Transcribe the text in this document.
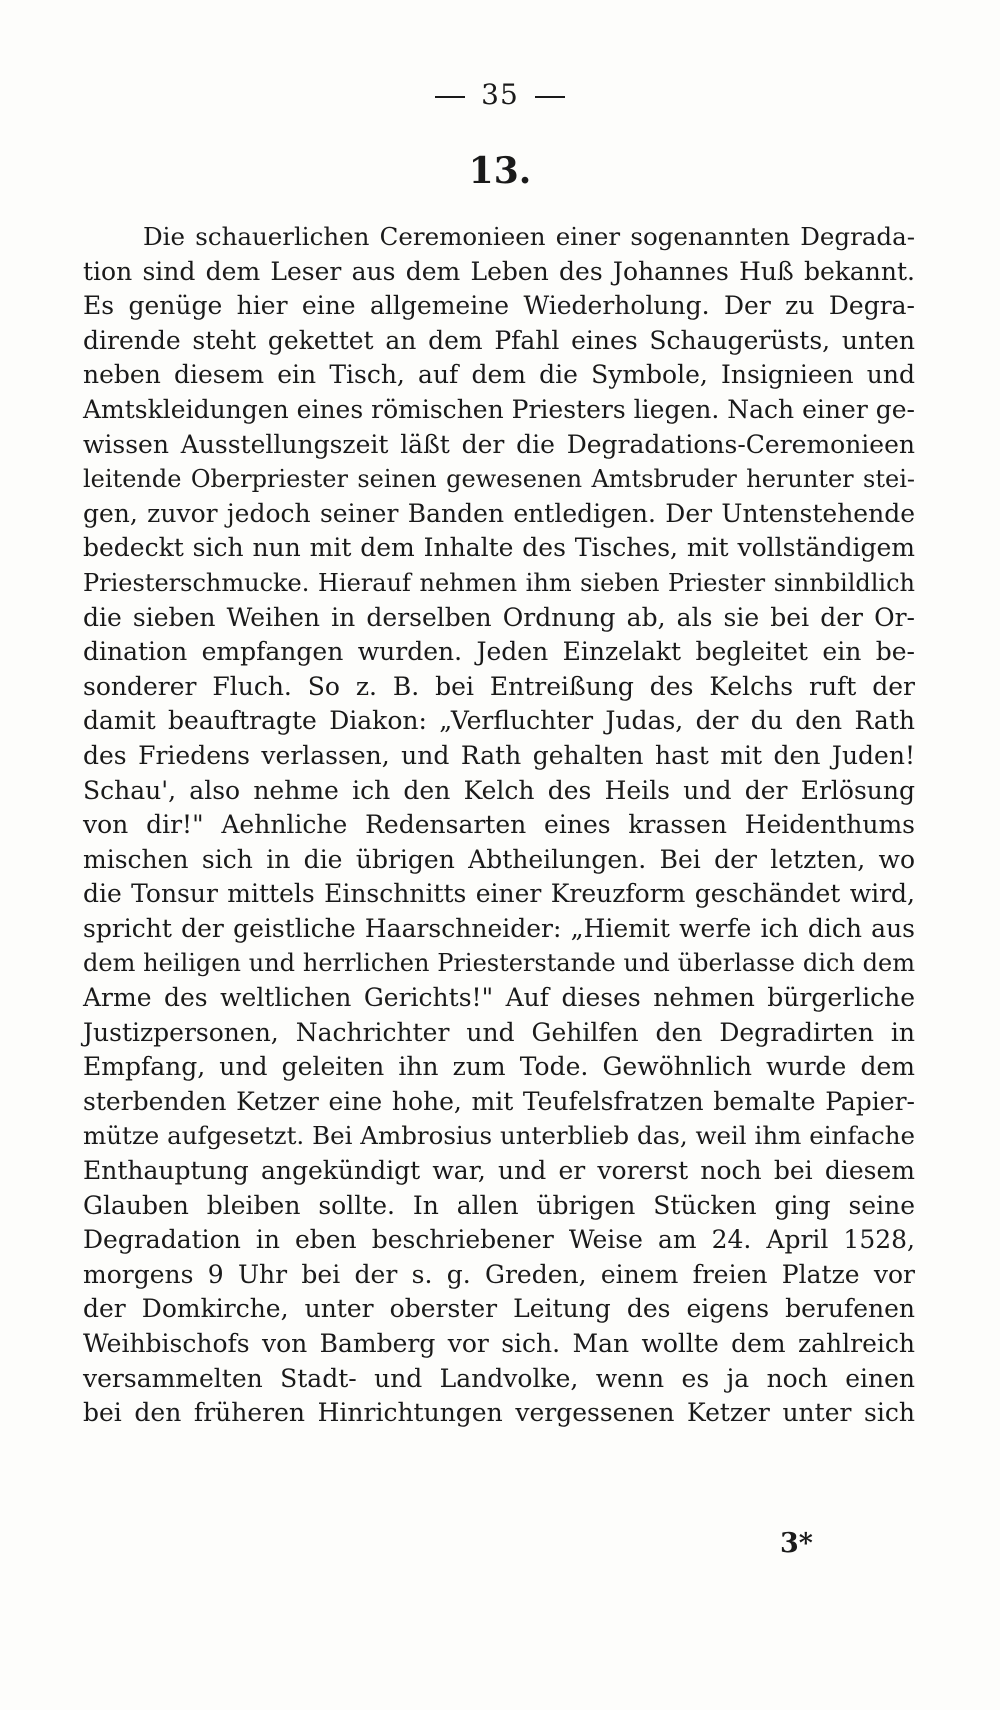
35
13.
Die schauerlichen Ceremonieen einer sogenannten Degrada-
tion sind dem Leser aus dem Leben des Johannes Huß bekannt.
Es genüge hier eine allgemeine Wiederholung. Der zu Degra-
dirende steht gekettet an dem Pfahl eines Schaugerüsts, unten
neben diesem ein Tisch, auf dem die Symbole, Insignieen und
Amtskleidungen eines römischen Priesters liegen. Nach einer ge-
wissen Ausstellungszeit läßt der die Degradations-Ceremonieen
leitende Oberpriester seinen gewesenen Amtsbruder herunter stei-
gen, zuvor jedoch seiner Banden entledigen. Der Untenstehende
bedeckt sich nun mit dem Inhalte des Tisches, mit vollständigem
Priesterschmucke. Hierauf nehmen ihm sieben Priester sinnbildlich
die sieben Weihen in derselben Ordnung ab, als sie bei der Or-
dination empfangen wurden. Jeden Einzelakt begleitet ein be-
sonderer Fluch. So z. B. bei Entreißung des Kelchs ruft der
damit beauftragte Diakon: „Verfluchter Judas, der du den Rath
des Friedens verlassen, und Rath gehalten hast mit den Juden!
Schau', also nehme ich den Kelch des Heils und der Erlösung
von dir!" Aehnliche Redensarten eines krassen Heidenthums
mischen sich in die übrigen Abtheilungen. Bei der letzten, wo
die Tonsur mittels Einschnitts einer Kreuzform geschändet wird,
spricht der geistliche Haarschneider: „Hiemit werfe ich dich aus
dem heiligen und herrlichen Priesterstande und überlasse dich dem
Arme des weltlichen Gerichts!" Auf dieses nehmen bürgerliche
Justizpersonen, Nachrichter und Gehilfen den Degradirten in
Empfang, und geleiten ihn zum Tode. Gewöhnlich wurde dem
sterbenden Ketzer eine hohe, mit Teufelsfratzen bemalte Papier-
mütze aufgesetzt. Bei Ambrosius unterblieb das, weil ihm einfache
Enthauptung angekündigt war, und er vorerst noch bei diesem
Glauben bleiben sollte. In allen übrigen Stücken ging seine
Degradation in eben beschriebener Weise am 24. April 1528,
morgens 9 Uhr bei der s. g. Greden, einem freien Platze vor
der Domkirche, unter oberster Leitung des eigens berufenen
Weihbischofs von Bamberg vor sich. Man wollte dem zahlreich
versammelten Stadt- und Landvolke, wenn es ja noch einen
bei den früheren Hinrichtungen vergessenen Ketzer unter sich
3*
